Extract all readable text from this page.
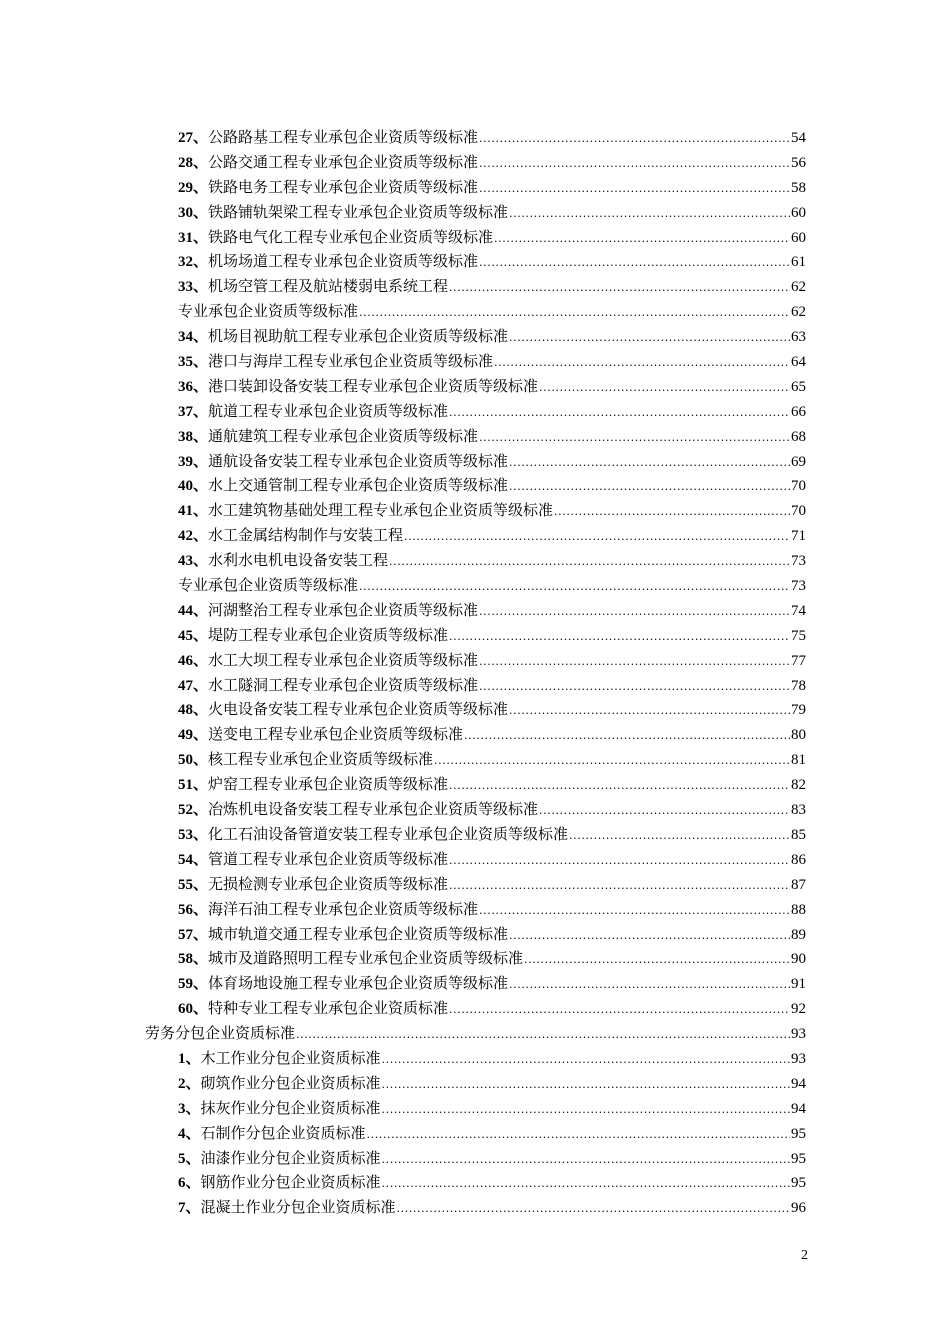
27、公路路基工程专业承包企业资质等级标准 .....	54
28、公路交通工程专业承包企业资质等级标准 .....	56
29、铁路电务工程专业承包企业资质等级标准 .....	58
30、铁路铺轨架梁工程专业承包企业资质等级标准 .....	60
31、铁路电气化工程专业承包企业资质等级标准 .....	60
32、机场场道工程专业承包企业资质等级标准 .....	61
33、机场空管工程及航站楼弱电系统工程 .....	62
专业承包企业资质等级标准 .....	62
34、机场目视助航工程专业承包企业资质等级标准 .....	63
35、港口与海岸工程专业承包企业资质等级标准 .....	64
36、港口装卸设备安装工程专业承包企业资质等级标准 .....	65
37、航道工程专业承包企业资质等级标准 .....	66
38、通航建筑工程专业承包企业资质等级标准 .....	68
39、通航设备安装工程专业承包企业资质等级标准 .....	69
40、水上交通管制工程专业承包企业资质等级标准 .....	70
41、水工建筑物基础处理工程专业承包企业资质等级标准 .....	70
42、水工金属结构制作与安装工程 .....	71
43、水利水电机电设备安装工程 .....	73
专业承包企业资质等级标准 .....	73
44、河湖整治工程专业承包企业资质等级标准 .....	74
45、堤防工程专业承包企业资质等级标准 .....	75
46、水工大坝工程专业承包企业资质等级标准 .....	77
47、水工隧洞工程专业承包企业资质等级标准 .....	78
48、火电设备安装工程专业承包企业资质等级标准 .....	79
49、送变电工程专业承包企业资质等级标准 .....	80
50、核工程专业承包企业资质等级标准 .....	81
51、炉窑工程专业承包企业资质等级标准 .....	82
52、冶炼机电设备安装工程专业承包企业资质等级标准 .....	83
53、化工石油设备管道安装工程专业承包企业资质等级标准 .....	85
54、管道工程专业承包企业资质等级标准 .....	86
55、无损检测专业承包企业资质等级标准 .....	87
56、海洋石油工程专业承包企业资质等级标准 .....	88
57、城市轨道交通工程专业承包企业资质等级标准 .....	89
58、城市及道路照明工程专业承包企业资质等级标准 .....	90
59、体育场地设施工程专业承包企业资质等级标准 .....	91
60、特种专业工程专业承包企业资质标准 .....	92
劳务分包企业资质标准 .....	93
1、木工作业分包企业资质标准 .....	93
2、砌筑作业分包企业资质标准 .....	94
3、抹灰作业分包企业资质标准 .....	94
4、石制作分包企业资质标准 .....	95
5、油漆作业分包企业资质标准 .....	95
6、钢筋作业分包企业资质标准 .....	95
7、混凝土作业分包企业资质标准 .....	96
2
